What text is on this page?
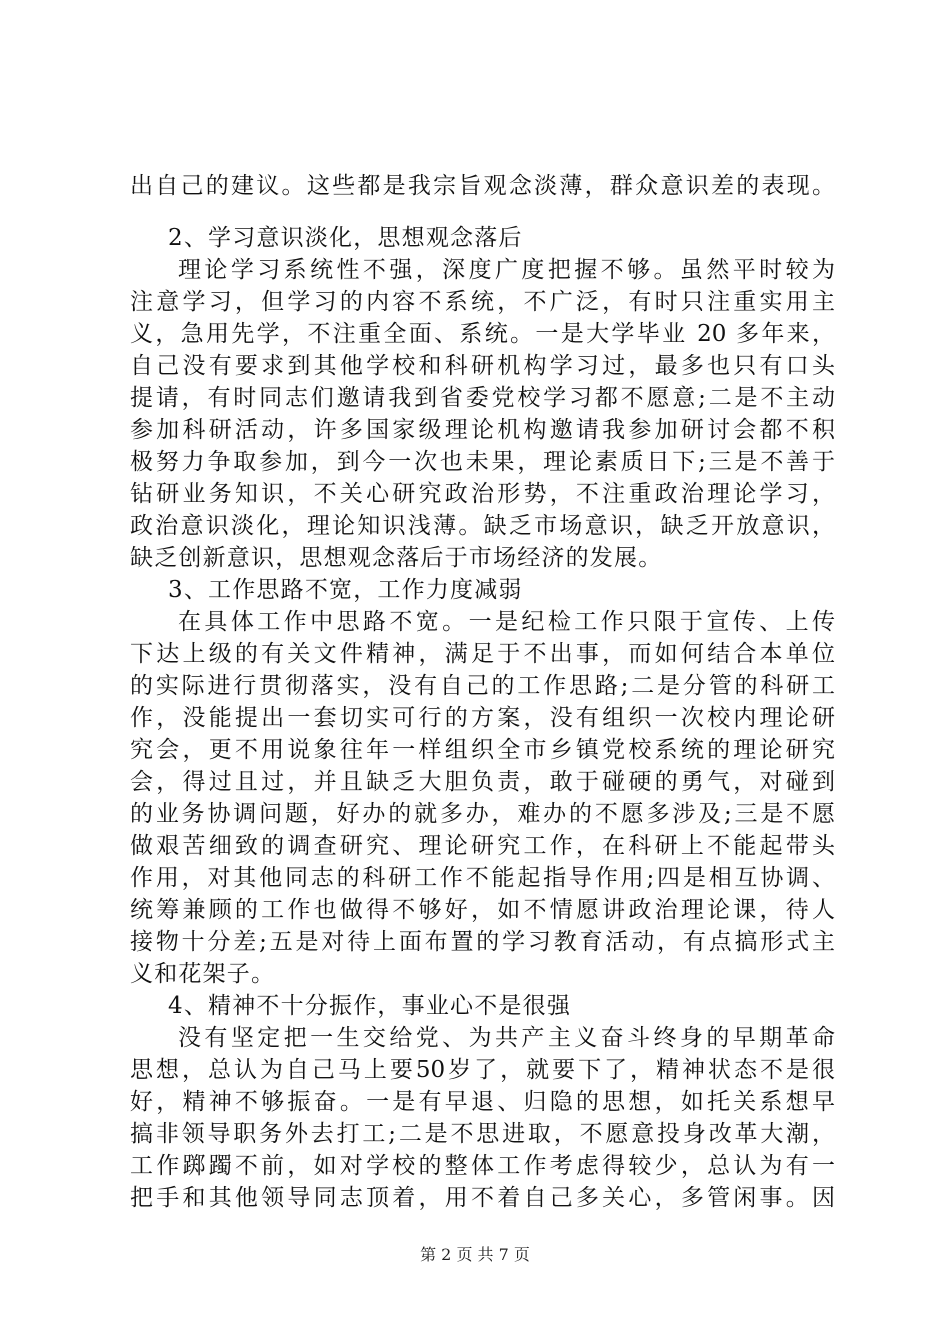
出自己的建议。这些都是我宗旨观念淡薄，群众意识差的表现。
2、学习意识淡化，思想观念落后
理论学习系统性不强，深度广度把握不够。虽然平时较为
注意学习，但学习的内容不系统，不广泛，有时只注重实用主
义，急用先学，不注重全面、系统。一是大学毕业 20 多年来，
自己没有要求到其他学校和科研机构学习过，最多也只有口头
提请，有时同志们邀请我到省委党校学习都不愿意;二是不主动
参加科研活动，许多国家级理论机构邀请我参加研讨会都不积
极努力争取参加，到今一次也未果，理论素质日下;三是不善于
钻研业务知识，不关心研究政治形势，不注重政治理论学习，
政治意识淡化，理论知识浅薄。缺乏市场意识，缺乏开放意识，
缺乏创新意识，思想观念落后于市场经济的发展。
3、工作思路不宽，工作力度减弱
在具体工作中思路不宽。一是纪检工作只限于宣传、上传
下达上级的有关文件精神，满足于不出事，而如何结合本单位
的实际进行贯彻落实，没有自己的工作思路;二是分管的科研工
作，没能提出一套切实可行的方案，没有组织一次校内理论研
究会，更不用说象往年一样组织全市乡镇党校系统的理论研究
会，得过且过，并且缺乏大胆负责，敢于碰硬的勇气，对碰到
的业务协调问题，好办的就多办，难办的不愿多涉及;三是不愿
做艰苦细致的调查研究、理论研究工作，在科研上不能起带头
作用，对其他同志的科研工作不能起指导作用;四是相互协调、
统筹兼顾的工作也做得不够好，如不情愿讲政治理论课，待人
接物十分差;五是对待上面布置的学习教育活动，有点搞形式主
义和花架子。
4、精神不十分振作，事业心不是很强
没有坚定把一生交给党、为共产主义奋斗终身的早期革命
思想，总认为自己马上要50岁了，就要下了，精神状态不是很
好，精神不够振奋。一是有早退、归隐的思想，如托关系想早
搞非领导职务外去打工;二是不思进取，不愿意投身改革大潮，
工作踯躅不前，如对学校的整体工作考虑得较少，总认为有一
把手和其他领导同志顶着，用不着自己多关心，多管闲事。因
第 2 页 共 7 页
